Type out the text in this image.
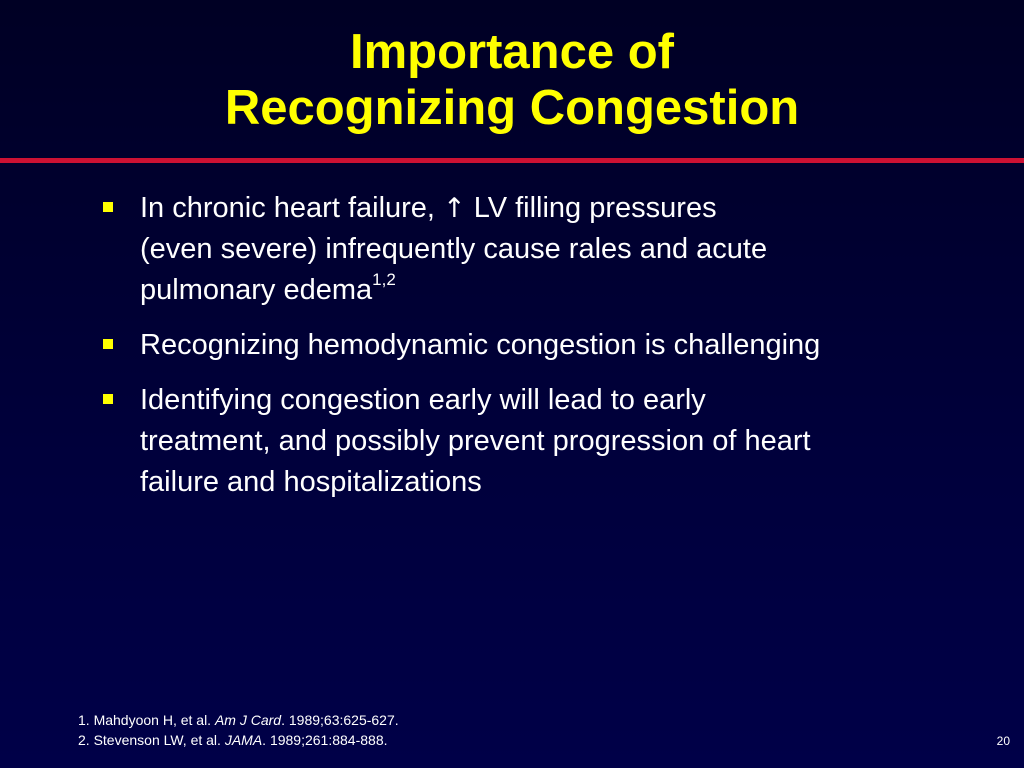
Importance of
Recognizing Congestion
In chronic heart failure, ↑ LV filling pressures
(even severe) infrequently cause rales and acute
pulmonary edema$^{1,2}$
Recognizing hemodynamic congestion is challenging
Identifying congestion early will lead to early
treatment, and possibly prevent progression of heart
failure and hospitalizations
1. Mahdyoon H, et al. Am J Card. 1989;63:625-627.
2. Stevenson LW, et al. JAMA. 1989;261:884-888.	20
